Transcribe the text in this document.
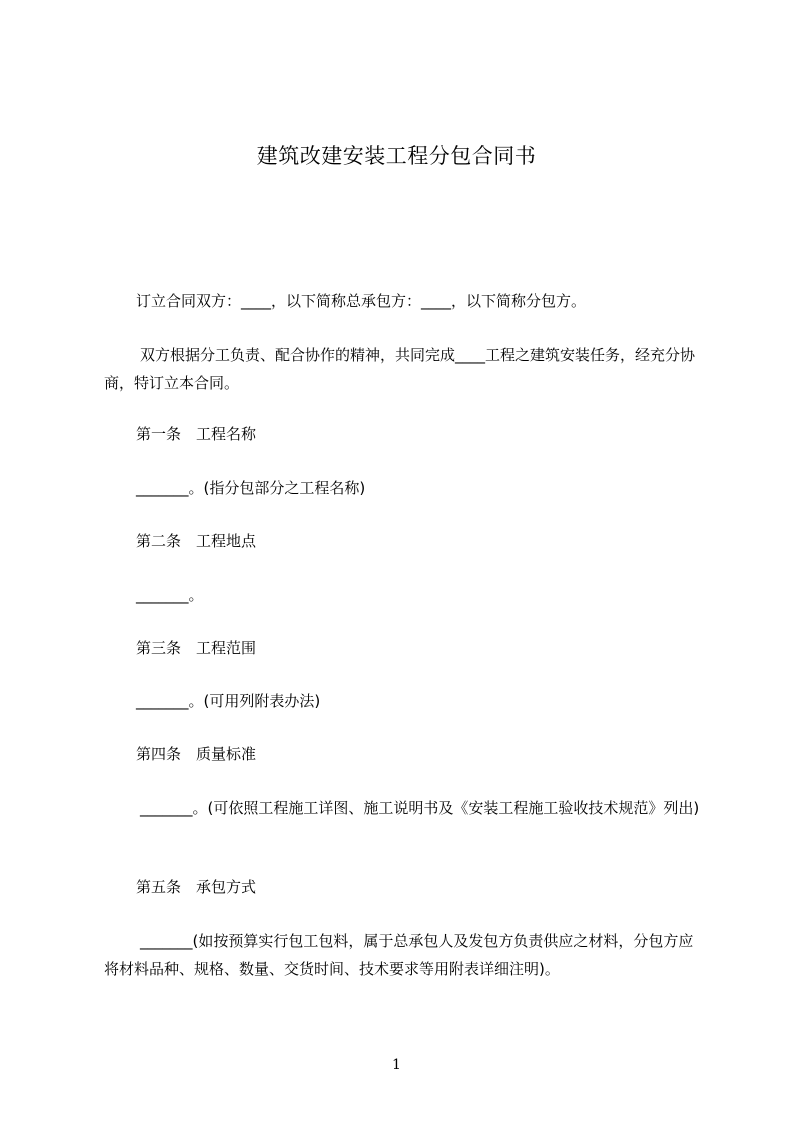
建筑改建安装工程分包合同书
订立合同双方：____，以下简称总承包方：____，以下简称分包方。
双方根据分工负责、配合协作的精神，共同完成____工程之建筑安装任务，经充分协商，特订立本合同。
第一条　工程名称
_______。(指分包部分之工程名称)
第二条　工程地点
_______。
第三条　工程范围
_______。(可用列附表办法)
第四条　质量标准
_______。(可依照工程施工详图、施工说明书及《安装工程施工验收技术规范》列出)
第五条　承包方式
_______(如按预算实行包工包料，属于总承包人及发包方负责供应之材料，分包方应将材料品种、规格、数量、交货时间、技术要求等用附表详细注明)。
1
